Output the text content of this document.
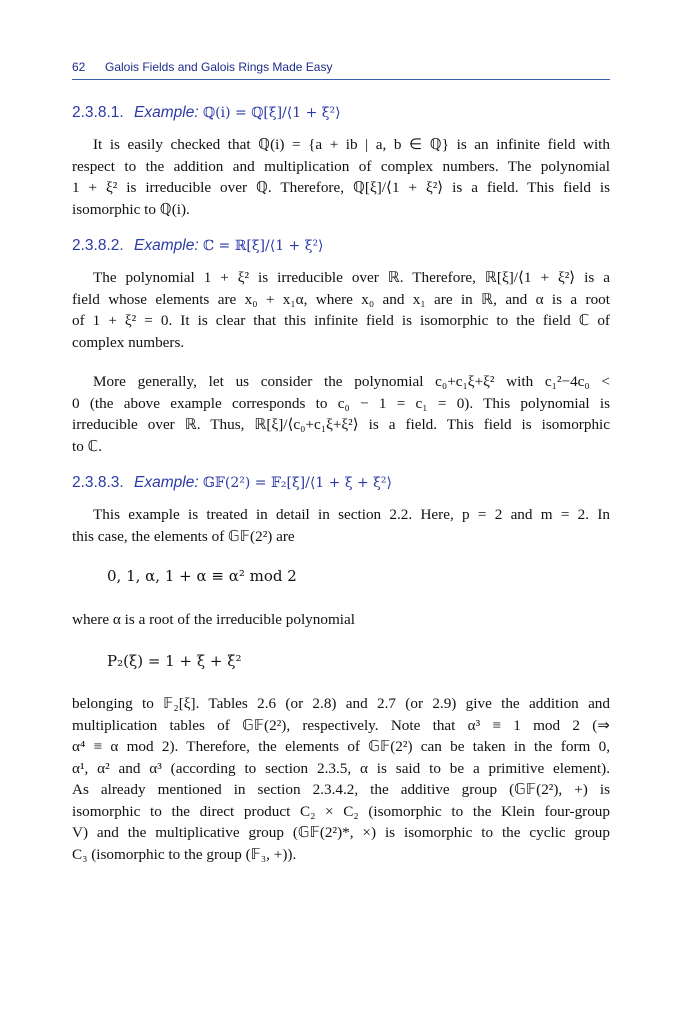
62 Galois Fields and Galois Rings Made Easy
2.3.8.1. Example: ℚ(i) = ℚ[ξ]/⟨1 + ξ²⟩
It is easily checked that ℚ(i) = {a + ib | a, b ∈ ℚ} is an infinite field with
respect to the addition and multiplication of complex numbers. The polynomial
1 + ξ² is irreducible over ℚ. Therefore, ℚ[ξ]/⟨1 + ξ²⟩ is a field. This field is
isomorphic to ℚ(i).
2.3.8.2. Example: ℂ = ℝ[ξ]/⟨1 + ξ²⟩
The polynomial 1 + ξ² is irreducible over ℝ. Therefore, ℝ[ξ]/⟨1 + ξ²⟩ is a
field whose elements are x₀ + x₁α, where x₀ and x₁ are in ℝ, and α is a root
of 1 + ξ² = 0. It is clear that this infinite field is isomorphic to the field ℂ of
complex numbers.
More generally, let us consider the polynomial c₀+c₁ξ+ξ² with c₁²−4c₀ <
0 (the above example corresponds to c₀ − 1 = c₁ = 0). This polynomial is
irreducible over ℝ. Thus, ℝ[ξ]/⟨c₀+c₁ξ+ξ²⟩ is a field. This field is isomorphic
to ℂ.
2.3.8.3. Example: 𝔾𝔽(2²) = 𝔽₂[ξ]/⟨1 + ξ + ξ²⟩
This example is treated in detail in section 2.2. Here, p = 2 and m = 2. In
this case, the elements of 𝔾𝔽(2²) are
0, 1, α, 1 + α ≡ α² mod 2
where α is a root of the irreducible polynomial
P₂(ξ) = 1 + ξ + ξ²
belonging to 𝔽₂[ξ]. Tables 2.6 (or 2.8) and 2.7 (or 2.9) give the addition and
multiplication tables of 𝔾𝔽(2²), respectively. Note that α³ ≡ 1 mod 2 (⇒
α⁴ ≡ α mod 2). Therefore, the elements of 𝔾𝔽(2²) can be taken in the form 0,
α¹, α² and α³ (according to section 2.3.5, α is said to be a primitive element).
As already mentioned in section 2.3.4.2, the additive group (𝔾𝔽(2²), +) is
isomorphic to the direct product C₂ × C₂ (isomorphic to the Klein four-group
V) and the multiplicative group (𝔾𝔽(2²)*, ×) is isomorphic to the cyclic group
C₃ (isomorphic to the group (𝔽₃, +)).
